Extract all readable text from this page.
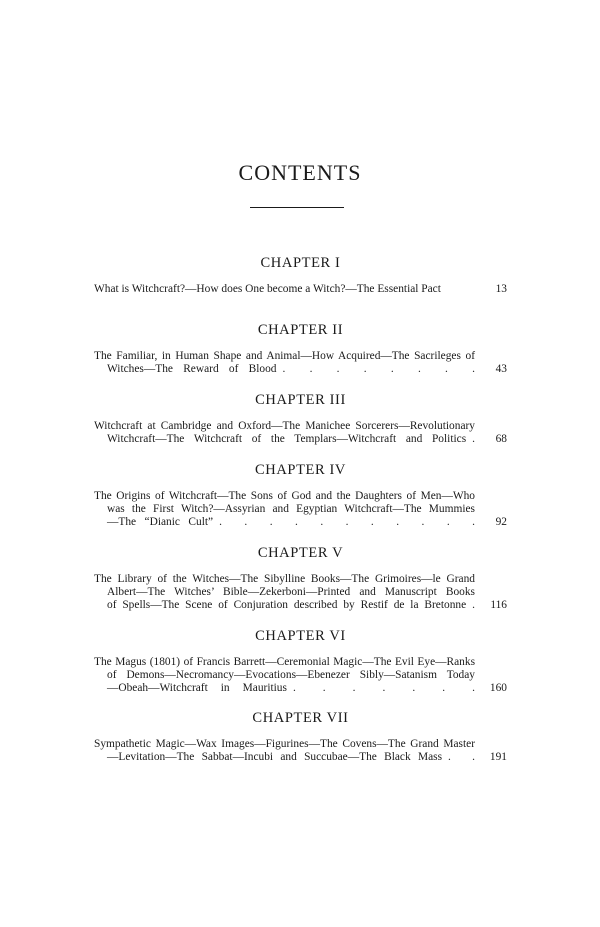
CONTENTS
CHAPTER I
What is Witchcraft?—How does One become a Witch?—The Essential Pact	13
CHAPTER II
The Familiar, in Human Shape and Animal—How Acquired—The Sacrileges of
Witches—The Reward of Blood . . . . . . . .	43
CHAPTER III
Witchcraft at Cambridge and Oxford—The Manichee Sorcerers—Revolutionary
Witchcraft—The Witchcraft of the Templars—Witchcraft and Politics .	68
CHAPTER IV
The Origins of Witchcraft—The Sons of God and the Daughters of Men—Who
was the First Witch?—Assyrian and Egyptian Witchcraft—The Mummies
—The “Dianic Cult” . . . . . . . . . . .	92
CHAPTER V
The Library of the Witches—The Sibylline Books—The Grimoires—le Grand
Albert—The Witches’ Bible—Zekerboni—Printed and Manuscript Books
of Spells—The Scene of Conjuration described by Restif de la Bretonne .	116
CHAPTER VI
The Magus (1801) of Francis Barrett—Ceremonial Magic—The Evil Eye—Ranks
of Demons—Necromancy—Evocations—Ebenezer Sibly—Satanism Today
—Obeah—Witchcraft in Mauritius . . . . . . .	160
CHAPTER VII
Sympathetic Magic—Wax Images—Figurines—The Covens—The Grand Master
—Levitation—The Sabbat—Incubi and Succubae—The Black Mass . .	191
